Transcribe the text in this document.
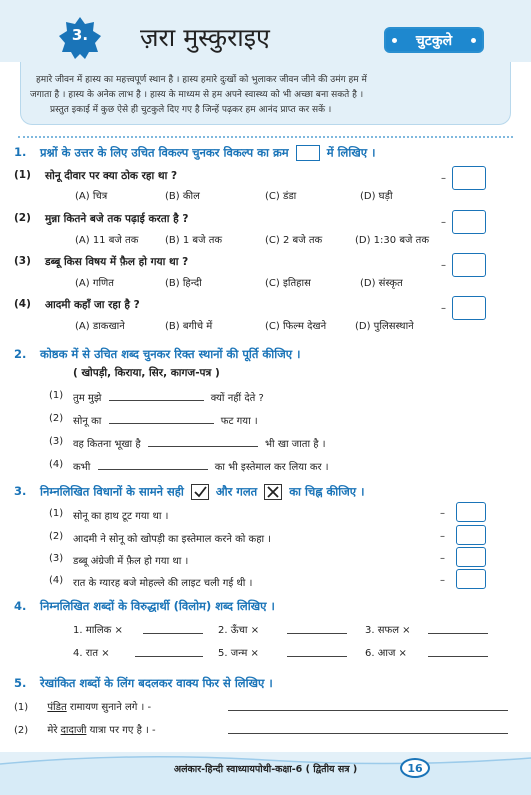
3.	ज़रा मुस्कुराइए	चुटकुले
हमारे जीवन में हास्य का महत्त्वपूर्ण स्थान है । हास्य हमारे दुःखों को भुलाकर जीवन जीने की उमंग हम में
जगाता है । हास्य के अनेक लाभ है । हास्य के माध्यम से हम अपने स्वास्थ्य को भी अच्छा बना सकते है ।
प्रस्तुत इकाई में कुछ ऐसे ही चुटकुले दिए गए है जिन्हें पढ़कर हम आनंद प्राप्त कर सकें ।
1. प्रश्नों के उत्तर के लिए उचित विकल्प चुनकर विकल्प का क्रम	में लिखिए ।
(1) सोनू दीवार पर क्या ठोक रहा था ?
(A) चित्र	(B) कील	(C) डंडा	(D) घड़ी
–
(2) मुन्ना कितने बजे तक पढ़ाई करता है ?
(A) 11 बजे तक	(B) 1 बजे तक	(C) 2 बजे तक	(D) 1:30 बजे तक
–
(3) डब्बू किस विषय में फ़ैल हो गया था ?
(A) गणित	(B) हिन्दी	(C) इतिहास	(D) संस्कृत
–
(4) आदमी कहाँ जा रहा है ?
(A) डाकखाने	(B) बगीचे में	(C) फिल्म देखने	(D) पुलिसस्थाने
–
2. कोष्ठक में से उचित शब्द चुनकर रिक्त स्थानों की पूर्ति कीजिए ।
( खोपड़ी, किराया, सिर, कागज-पत्र )
(1) तुम मुझे	क्यों नहीं देते ?
(2) सोनू का	फट गया ।
(3) वह कितना भूखा है	भी खा जाता है ।
(4) कभी	का भी इस्तेमाल कर लिया कर ।
3. निम्नलिखित विधानों के सामने सही	और गलत ☒ का चिह्न कीजिए ।
(1) सोनू का हाथ टूट गया था ।	–
(2) आदमी ने सोनू को खोपड़ी का इस्तेमाल करने को कहा ।	–
(3) डब्बू अंग्रेजी में फ़ैल हो गया था ।	–
(4) रात के ग्यारह बजे मोहल्ले की लाइट चली गई थी ।	–
4. निम्नलिखित शब्दों के विरुद्धार्थी (विलोम) शब्द लिखिए ।
1. मालिक ×	2. ऊँचा ×	3. सफल ×
4. रात ×	5. जन्म ×	6. आज ×
5. रेखांकित शब्दों के लिंग बदलकर वाक्य फिर से लिखिए ।
(1) पंडित रामायण सुनाने लगे । -
(2) मेरे दादाजी यात्रा पर गए है । -
अलंकार-हिन्दी स्वाध्यायपोथी-कक्षा-6 ( द्वितीय सत्र )	16
